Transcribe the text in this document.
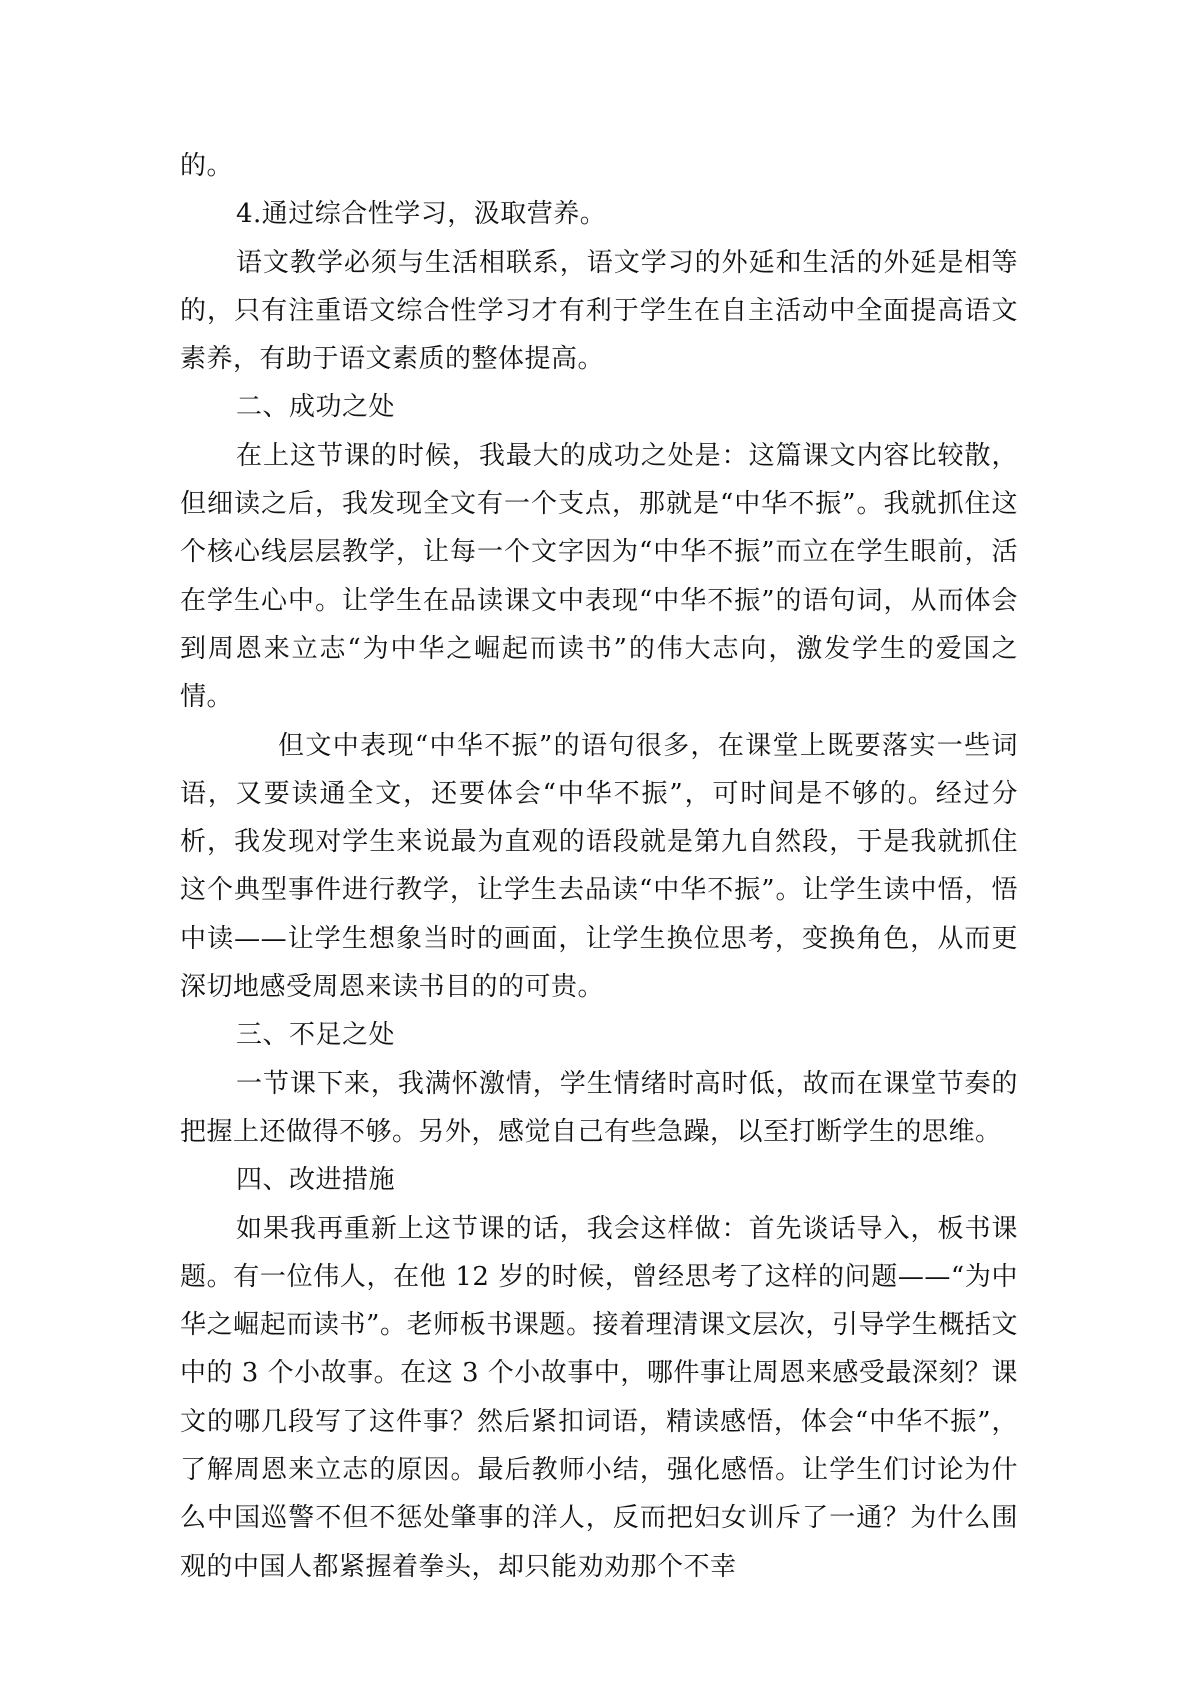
的。

4.通过综合性学习，汲取营养。

语文教学必须与生活相联系，语文学习的外延和生活的外延是相等的，只有注重语文综合性学习才有利于学生在自主活动中全面提高语文素养，有助于语文素质的整体提高。

二、成功之处

在上这节课的时候，我最大的成功之处是：这篇课文内容比较散，但细读之后，我发现全文有一个支点，那就是“中华不振”。我就抓住这个核心线层层教学，让每一个文字因为“中华不振”而立在学生眼前，活在学生心中。让学生在品读课文中表现“中华不振”的语句词，从而体会到周恩来立志“为中华之崛起而读书”的伟大志向，激发学生的爱国之情。

但文中表现“中华不振”的语句很多，在课堂上既要落实一些词语，又要读通全文，还要体会“中华不振”，可时间是不够的。经过分析，我发现对学生来说最为直观的语段就是第九自然段，于是我就抓住这个典型事件进行教学，让学生去品读“中华不振”。让学生读中悟，悟中读——让学生想象当时的画面，让学生换位思考，变换角色，从而更深切地感受周恩来读书目的的可贵。

三、不足之处

一节课下来，我满怀激情，学生情绪时高时低，故而在课堂节奏的把握上还做得不够。另外，感觉自己有些急躁，以至打断学生的思维。

四、改进措施

如果我再重新上这节课的话，我会这样做：首先谈话导入，板书课题。有一位伟人，在他 12 岁的时候，曾经思考了这样的问题——“为中华之崛起而读书”。老师板书课题。接着理清课文层次，引导学生概括文中的 3 个小故事。在这 3 个小故事中，哪件事让周恩来感受最深刻？课文的哪几段写了这件事？然后紧扣词语，精读感悟，体会“中华不振”，了解周恩来立志的原因。最后教师小结，强化感悟。让学生们讨论为什么中国巡警不但不惩处肇事的洋人，反而把妇女训斥了一通？为什么围观的中国人都紧握着拳头，却只能劝劝那个不幸
